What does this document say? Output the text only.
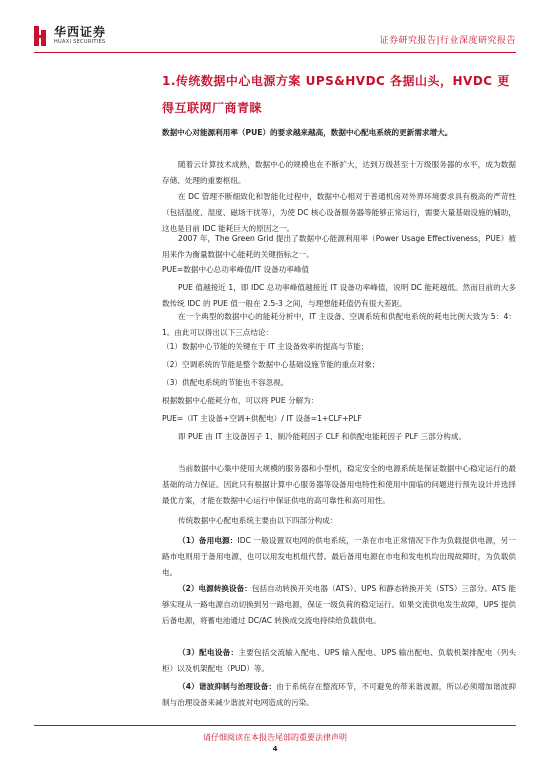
华西证券
HUAXI SECURITIES	证券研究报告|行业深度研究报告
1.传统数据中心电源方案 UPS&HVDC 各据山头，HVDC 更得互联网厂商青睐
数据中心对能源利用率（PUE）的要求越来越高，数据中心配电系统的更新需求增大。
随着云计算技术成熟，数据中心的规模也在不断扩大，达到万级甚至十万级服务器的水平，成为数据存储、处理的重要枢纽。
在 DC 管理不断细致化和智能化过程中，数据中心相对于普通机房对外界环境要求具有极高的严苛性（包括温度、湿度、磁场干扰等），为使 DC 核心设备服务器等能够正常运行，需要大量基础设施的辅助，这也是目前 IDC 能耗巨大的原因之一。
2007 年，The Green Grid 提出了数据中心能源利用率（Power Usage Effectiveness，PUE）被用来作为衡量数据中心能耗的关键指标之一。
PUE=数据中心总功率峰值/IT 设备功率峰值
PUE 值越接近 1，即 IDC 总功率峰值越接近 IT 设备功率峰值，说明 DC 能耗越低。然而目前的大多数传统 IDC 的 PUE 值一般在 2.5-3 之间，与理想能耗值仍有很大差距。
在一个典型的数据中心的能耗分析中，IT 主设备、空调系统和供配电系统的耗电比例大致为 5：4：1。由此可以得出以下三点结论：
（1）数据中心节能的关键在于 IT 主设备效率的提高与节能；
（2）空调系统的节能是整个数据中心基础设施节能的重点对象；
（3）供配电系统的节能也不容忽视。
根据数据中心能耗分布，可以将 PUE 分解为：
PUE=（IT 主设备+空调+供配电）/ IT 设备=1+CLF+PLF
即 PUE 由 IT 主设备因子 1、制冷能耗因子 CLF 和供配电能耗因子 PLF 三部分构成。
当前数据中心集中使用大规模的服务器和小型机，稳定安全的电源系统是保证数据中心稳定运行的最基础的动力保证。因此只有根据计算中心服务器等设备用电特性和使用中面临的问题进行预先设计并选择最优方案，才能在数据中心运行中保证供电的高可靠性和高可用性。
传统数据中心配电系统主要由以下四部分构成：
（1）备用电源：IDC 一般设置双电网的供电系统，一条在市电正常情况下作为负载提供电源，另一路市电则用于备用电源，也可以用发电机组代替。最后备用电源在市电和发电机均出现故障时，为负载供电。
（2）电源转换设备：包括自动转换开关电器（ATS）、UPS 和静态转换开关（STS）三部分。ATS 能够实现从一路电源自动切换到另一路电源，保证一级负荷的稳定运行。如果交流供电发生故障，UPS 提供后备电源，将蓄电池通过 DC/AC 转换成交流电持续给负载供电。
（3）配电设备：主要包括交流输入配电、UPS 输入配电、UPS 输出配电、负载机架排配电（列头柜）以及机架配电（PUD）等。
（4）谐波抑制与治理设备：由于系统存在整流环节，不可避免的带来谐波源，所以必须增加谐波抑制与治理设备来减少谐波对电网造成的污染。
请仔细阅读在本报告尾部的重要法律声明
4
